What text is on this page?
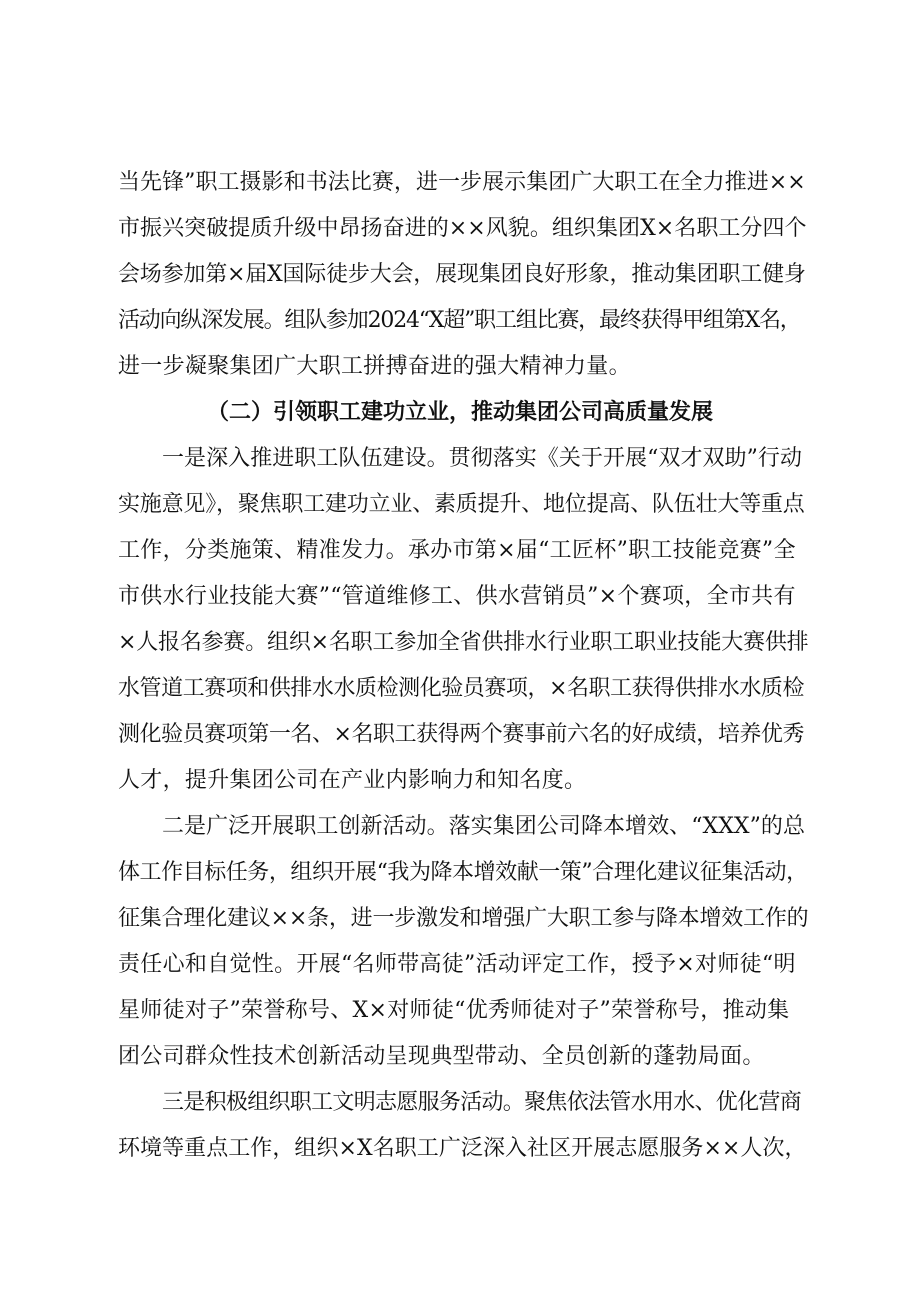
当先锋”职工摄影和书法比赛，进一步展示集团广大职工在全力推进××
市振兴突破提质升级中昂扬奋进的××风貌。组织集团X×名职工分四个
会场参加第×届X国际徒步大会，展现集团良好形象，推动集团职工健身
活动向纵深发展。组队参加2024“X超”职工组比赛，最终获得甲组第X名，
进一步凝聚集团广大职工拼搏奋进的强大精神力量。
（二）引领职工建功立业，推动集团公司高质量发展
一是深入推进职工队伍建设。贯彻落实《关于开展“双才双助”行动
实施意见》，聚焦职工建功立业、素质提升、地位提高、队伍壮大等重点
工作，分类施策、精准发力。承办市第×届“工匠杯”职工技能竞赛”全
市供水行业技能大赛”“管道维修工、供水营销员”×个赛项，全市共有
×人报名参赛。组织×名职工参加全省供排水行业职工职业技能大赛供排
水管道工赛项和供排水水质检测化验员赛项，×名职工获得供排水水质检
测化验员赛项第一名、×名职工获得两个赛事前六名的好成绩，培养优秀
人才，提升集团公司在产业内影响力和知名度。
二是广泛开展职工创新活动。落实集团公司降本增效、“XXX”的总
体工作目标任务，组织开展“我为降本增效献一策”合理化建议征集活动，
征集合理化建议××条，进一步激发和增强广大职工参与降本增效工作的
责任心和自觉性。开展“名师带高徒”活动评定工作，授予×对师徒“明
星师徒对子”荣誉称号、X×对师徒“优秀师徒对子”荣誉称号，推动集
团公司群众性技术创新活动呈现典型带动、全员创新的蓬勃局面。
三是积极组织职工文明志愿服务活动。聚焦依法管水用水、优化营商
环境等重点工作，组织×X名职工广泛深入社区开展志愿服务××人次，
